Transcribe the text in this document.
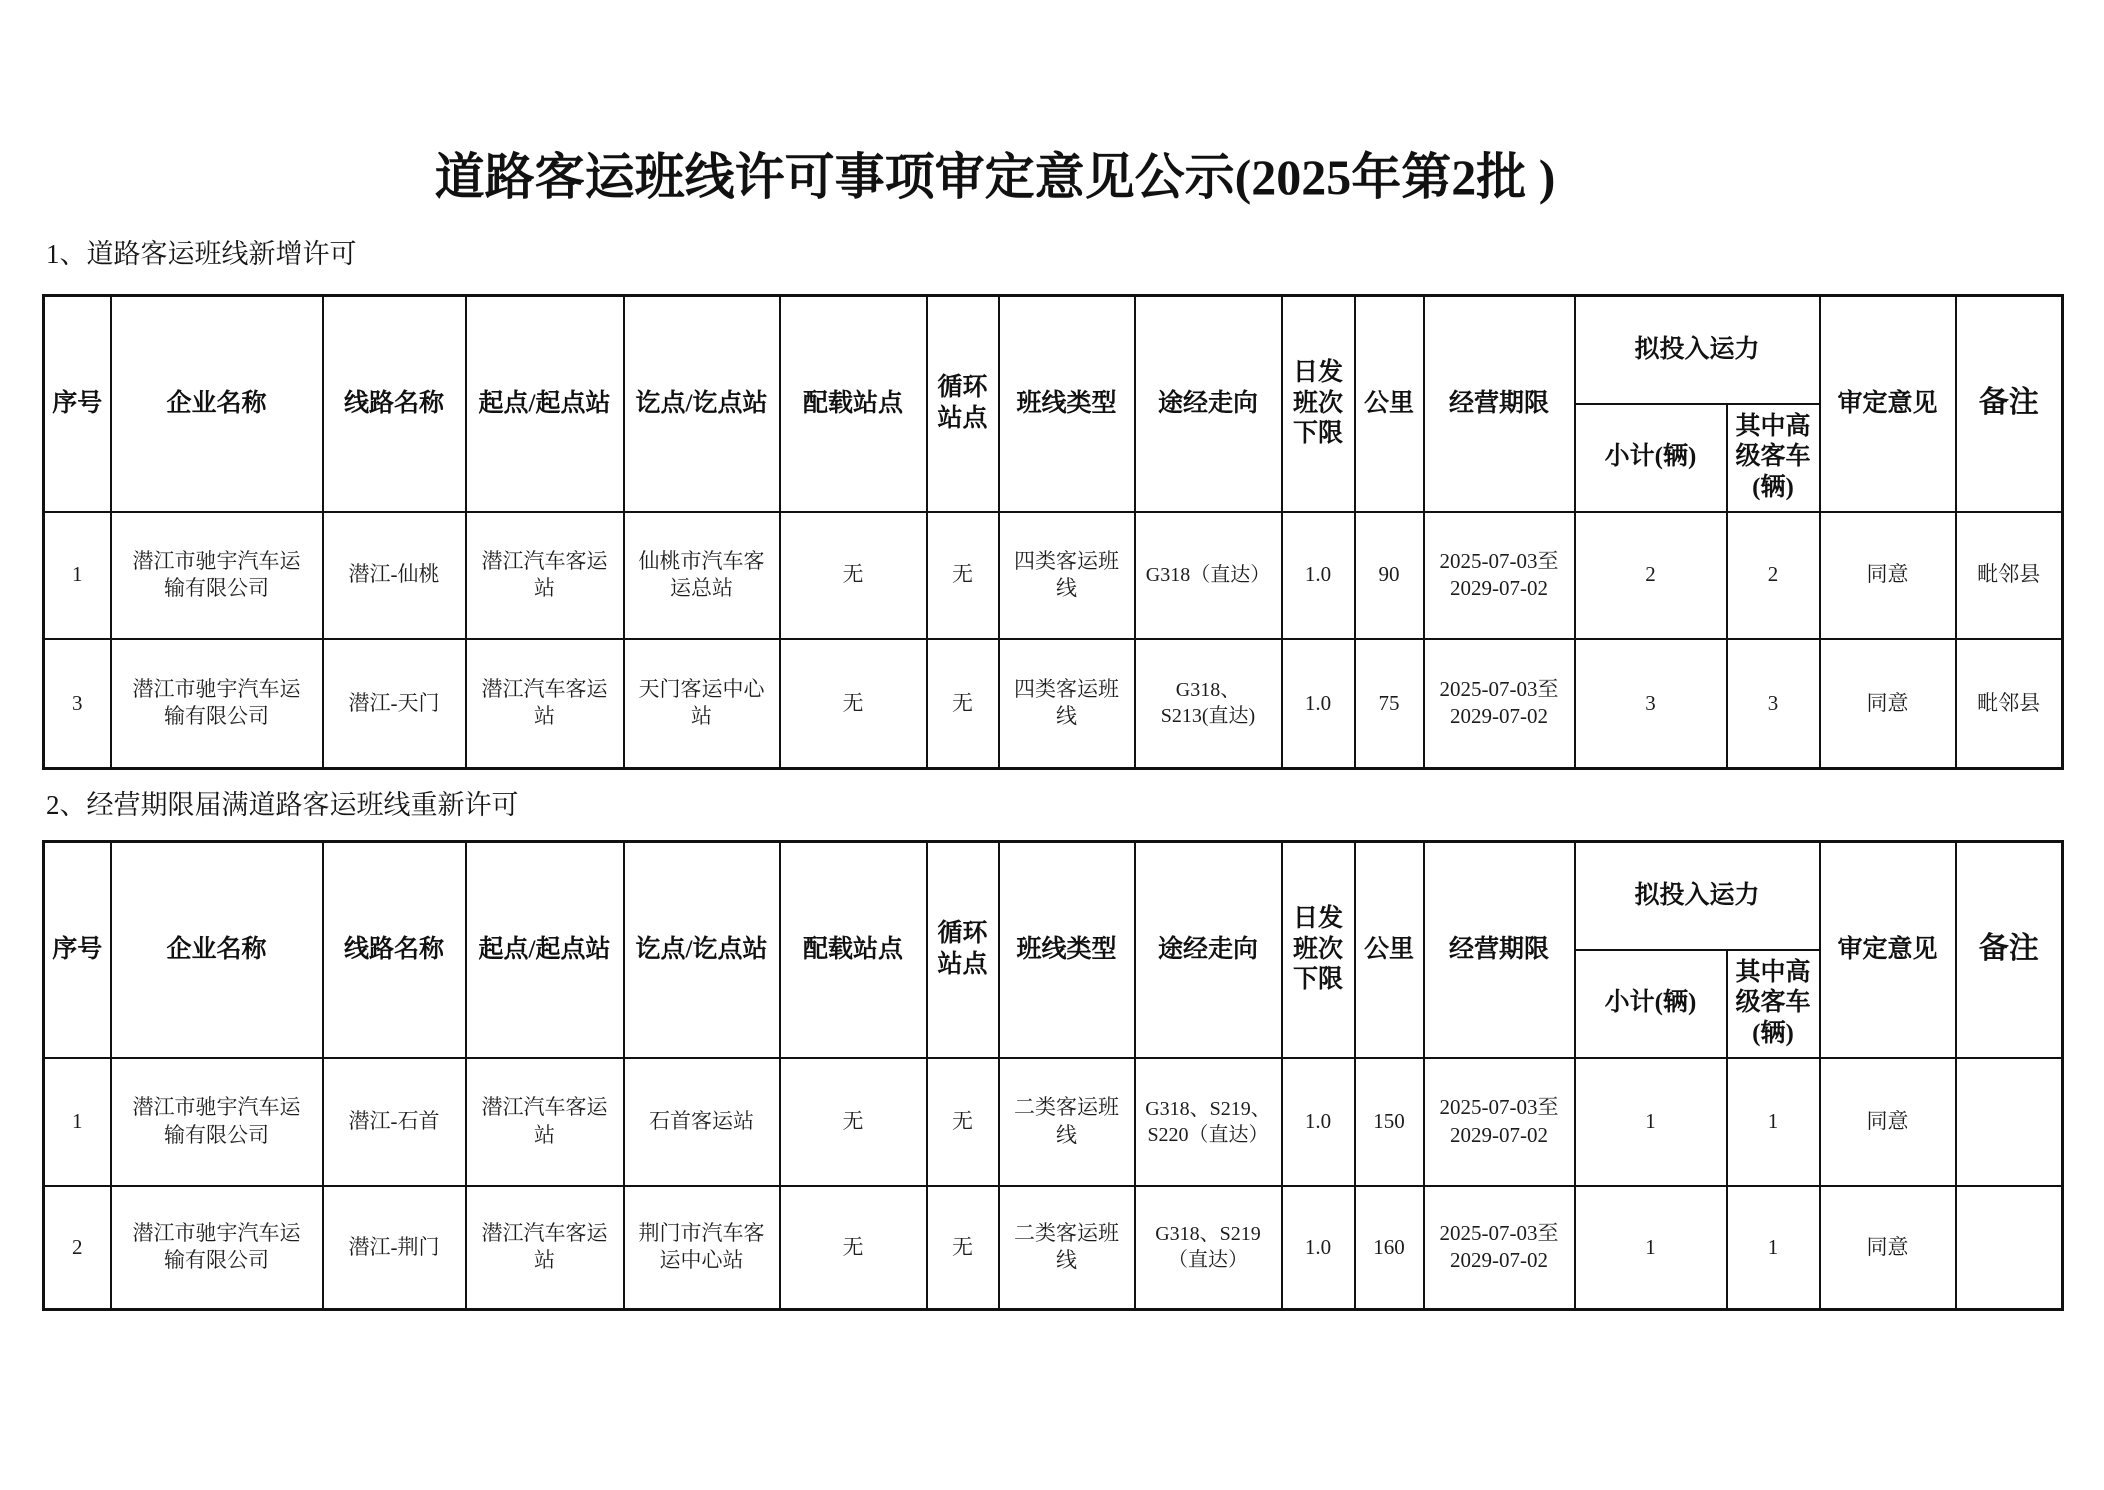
道路客运班线许可事项审定意见公示(2025年第2批 )
1、道路客运班线新增许可
序号	企业名称	线路名称	起点/起点站	讫点/讫点站	配载站点	循环站点	班线类型	途经走向	日发班次下限	公里	经营期限	拟投入运力		审定意见	备注
												小计(辆)	其中高级客车(辆)		
1	潜江市驰宇汽车运输有限公司	潜江-仙桃	潜江汽车客运站	仙桃市汽车客运总站	无	无	四类客运班线	G318（直达）	1.0	90	2025-07-03至2029-07-02	2	2	同意	毗邻县
3	潜江市驰宇汽车运输有限公司	潜江-天门	潜江汽车客运站	天门客运中心站	无	无	四类客运班线	G318、S213(直达)	1.0	75	2025-07-03至2029-07-02	3	3	同意	毗邻县
2、经营期限届满道路客运班线重新许可
序号	企业名称	线路名称	起点/起点站	讫点/讫点站	配载站点	循环站点	班线类型	途经走向	日发班次下限	公里	经营期限	拟投入运力		审定意见	备注
												小计(辆)	其中高级客车(辆)		
1	潜江市驰宇汽车运输有限公司	潜江-石首	潜江汽车客运站	石首客运站	无	无	二类客运班线	G318、S219、S220（直达）	1.0	150	2025-07-03至2029-07-02	1	1	同意	
2	潜江市驰宇汽车运输有限公司	潜江-荆门	潜江汽车客运站	荆门市汽车客运中心站	无	无	二类客运班线	G318、S219（直达）	1.0	160	2025-07-03至2029-07-02	1	1	同意	
